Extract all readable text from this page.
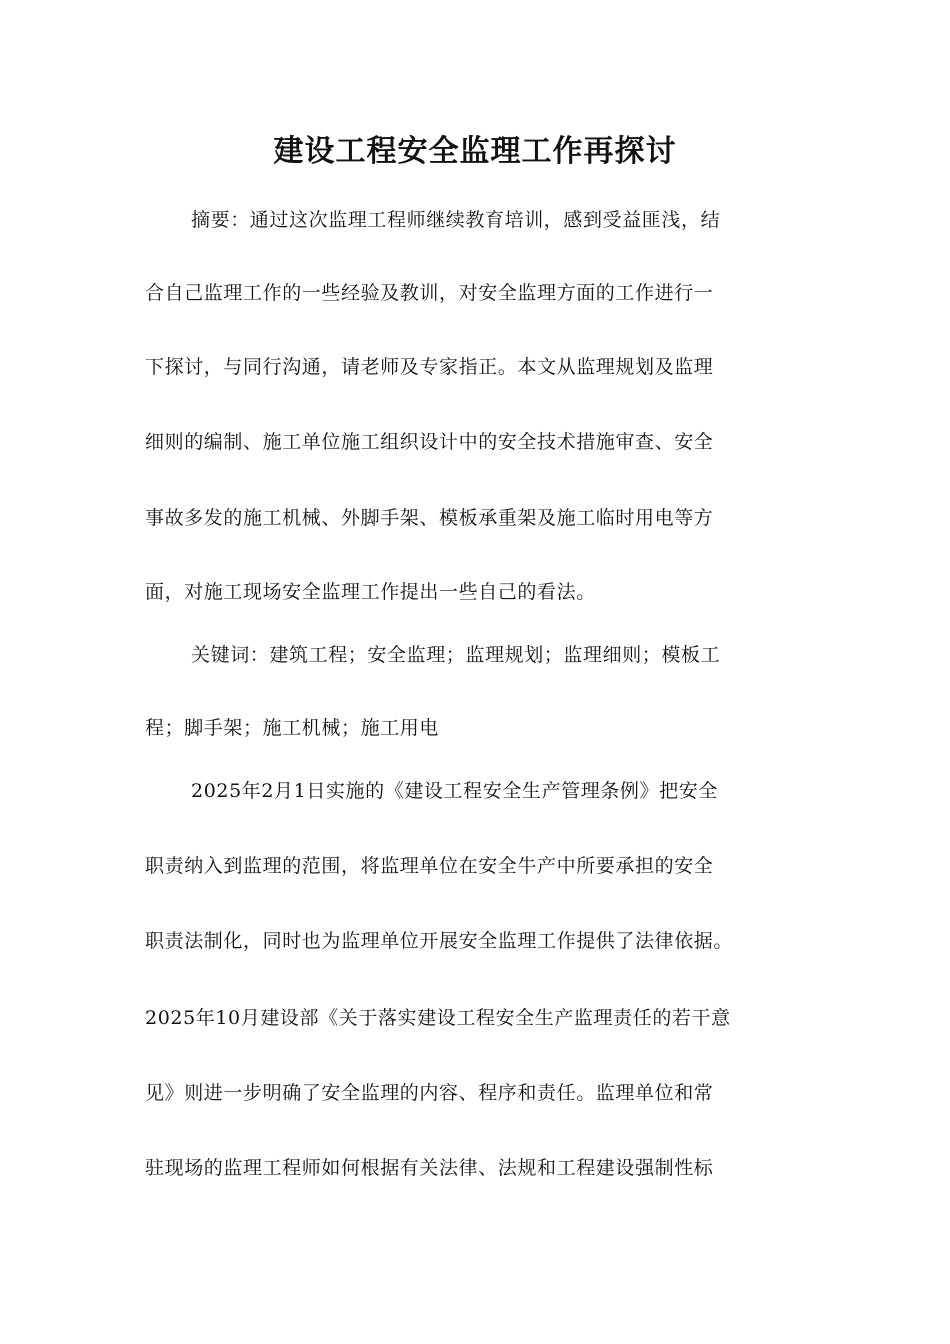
建设工程安全监理工作再探讨
摘要：通过这次监理工程师继续教育培训，感到受益匪浅，结
合自己监理工作的一些经验及教训，对安全监理方面的工作进行一
下探讨，与同行沟通，请老师及专家指正。本文从监理规划及监理
细则的编制、施工单位施工组织设计中的安全技术措施审查、安全
事故多发的施工机械、外脚手架、模板承重架及施工临时用电等方
面，对施工现场安全监理工作提出一些自己的看法。
关键词：建筑工程；安全监理；监理规划；监理细则；模板工
程；脚手架；施工机械；施工用电
2025年2月1日实施的《建设工程安全生产管理条例》把安全
职责纳入到监理的范围，将监理单位在安全牛产中所要承担的安全
职责法制化，同时也为监理单位开展安全监理工作提供了法律依据。
2025年10月建设部《关于落实建设工程安全生产监理责任的若干意
见》则进一步明确了安全监理的内容、程序和责任。监理单位和常
驻现场的监理工程师如何根据有关法律、法规和工程建设强制性标
